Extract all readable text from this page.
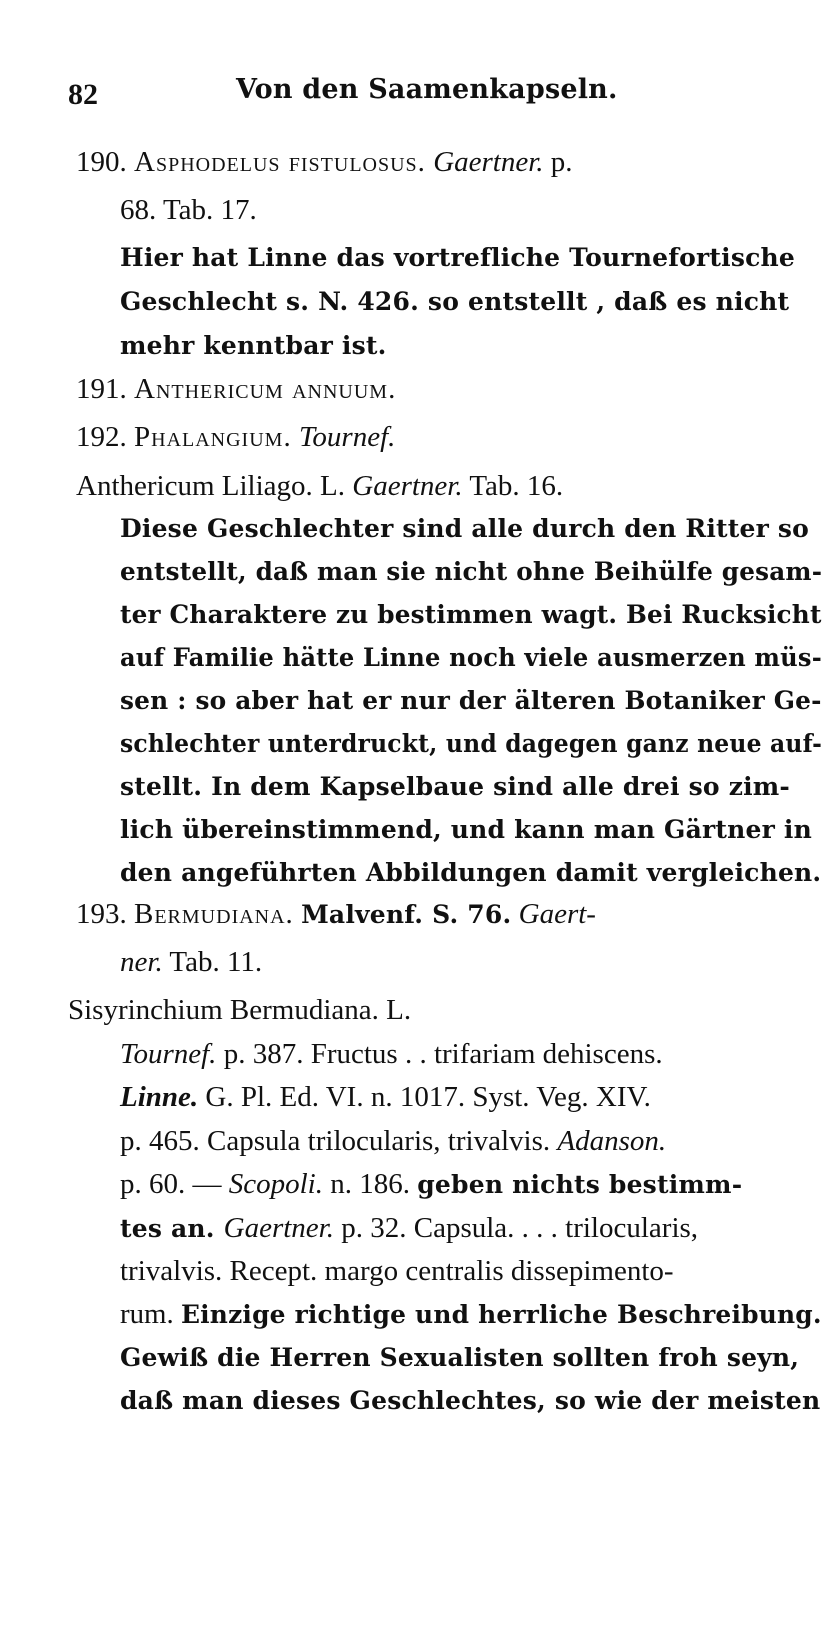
82	Von den Saamenkapseln.
190. Asphodelus fistulosus. Gaertner. p.
68. Tab. 17.
Hier hat Linne das vortrefliche Tournefortische
Geschlecht s. N. 426. so entstellt , daß es nicht
mehr kenntbar ist.
191. Anthericum annuum.
192. Phalangium. Tournef.
Anthericum Liliago. L. Gaertner. Tab. 16.
Diese Geschlechter sind alle durch den Ritter so
entstellt, daß man sie nicht ohne Beihülfe gesam-
ter Charaktere zu bestimmen wagt. Bei Rucksicht
auf Familie hätte Linne noch viele ausmerzen müs-
sen : so aber hat er nur der älteren Botaniker Ge-
schlechter unterdruckt, und dagegen ganz neue auf-
stellt. In dem Kapselbaue sind alle drei so zim-
lich übereinstimmend, und kann man Gärtner in
den angeführten Abbildungen damit vergleichen.
193. Bermudiana. Malvenf. S. 76. Gaert-
ner. Tab. 11.
Sisyrinchium Bermudiana. L.
Tournef. p. 387. Fructus . . trifariam dehiscens.
Linne. G. Pl. Ed. VI. n. 1017. Syst. Veg. XIV.
p. 465. Capsula trilocularis, trivalvis. Adanson.
p. 60. — Scopoli. n. 186. geben nichts bestimm-
tes an. Gaertner. p. 32. Capsula. . . . trilocularis,
trivalvis. Recept. margo centralis dissepimento-
rum. Einzige richtige und herrliche Beschreibung.
Gewiß die Herren Sexualisten sollten froh seyn,
daß man dieses Geschlechtes, so wie der meisten
